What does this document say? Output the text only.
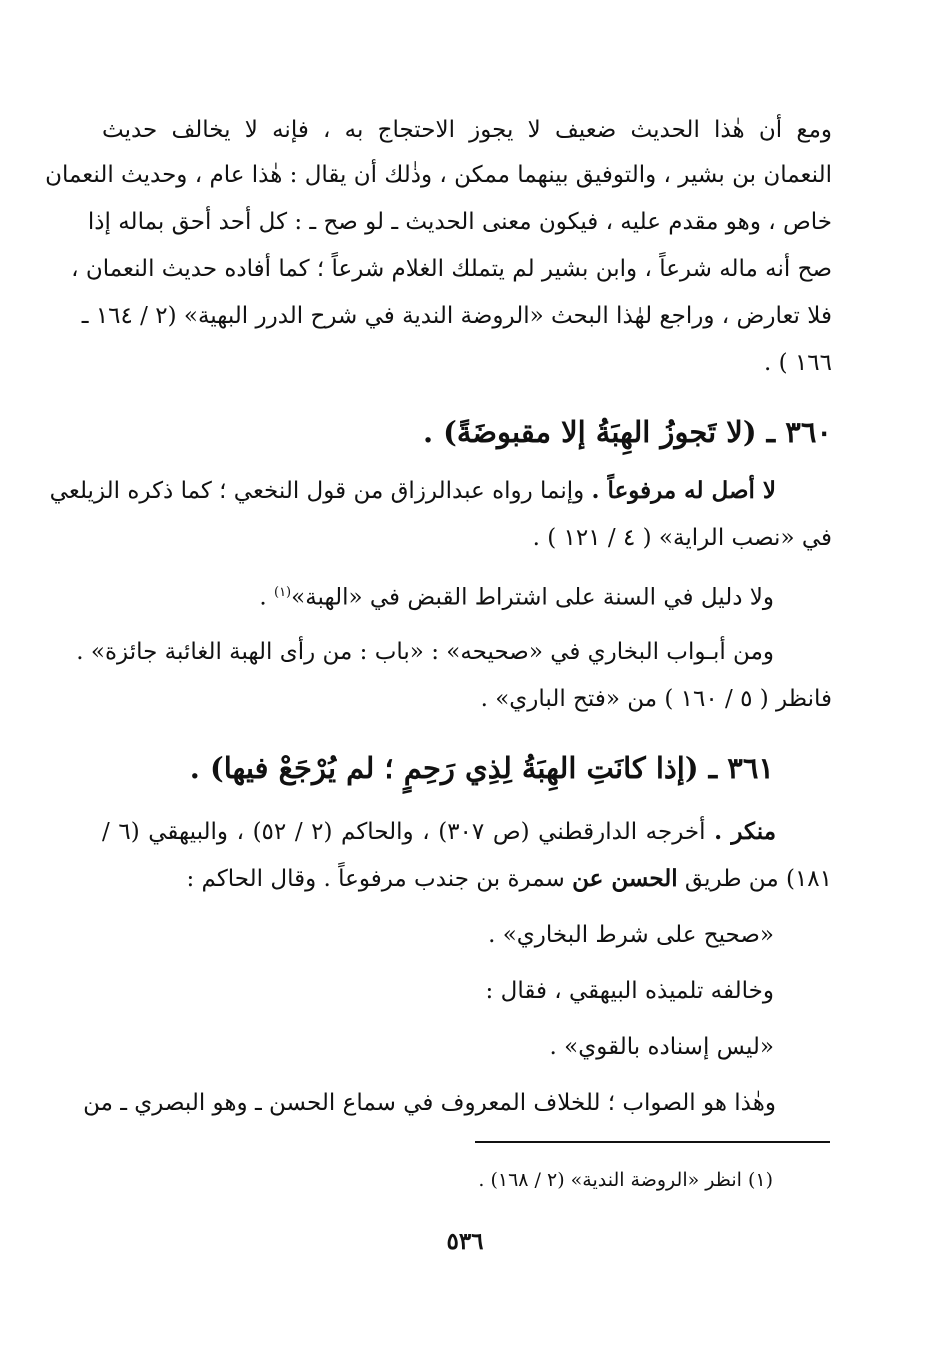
ومع أن هٰذا الحديث ضعيف لا يجوز الاحتجاج به ، فإنه لا يخالف حديث
النعمان بن بشير ، والتوفيق بينهما ممكن ، وذٰلك أن يقال : هٰذا عام ، وحديث النعمان
خاص ، وهو مقدم عليه ، فيكون معنى الحديث ـ لو صح ـ : كل أحد أحق بماله إذا
صح أنه ماله شرعاً ، وابن بشير لم يتملك الغلام شرعاً ؛ كما أفاده حديث النعمان ،
فلا تعارض ، وراجع لهٰذا البحث «الروضة الندية في شرح الدرر البهية» (٢ / ١٦٤ ـ
١٦٦ ) .
٣٦٠ ـ (لا تَجوزُ الهِبَةُ إلا مقبوضَةً) .
لا أصل له مرفوعاً . وإنما رواه عبدالرزاق من قول النخعي ؛ كما ذكره الزيلعي
في «نصب الراية» ( ٤ / ١٢١ ) .
ولا دليل في السنة على اشتراط القبض في «الهبة»$^{(١)}$ .
ومن أبـواب البخاري في «صحيحه» : «باب : من رأى الهبة الغائبة جائزة» .
فانظر ( ٥ / ١٦٠ ) من «فتح الباري» .
٣٦١ ـ (إذا كانَتِ الهِبَةُ لِذِي رَحِمٍ ؛ لم يُرْجَعْ فيها) .
منكر . أخرجه الدارقطني (ص ٣٠٧) ، والحاكم (٢ / ٥٢) ، والبيهقي (٦ /
١٨١) من طريق الحسن عن سمرة بن جندب مرفوعاً . وقال الحاكم :
«صحيح على شرط البخاري» .
وخالفه تلميذه البيهقي ، فقال :
«ليس إسناده بالقوي» .
وهٰذا هو الصواب ؛ للخلاف المعروف في سماع الحسن ـ وهو البصري ـ من
(١) انظر «الروضة الندية» (٢ / ١٦٨) .
٥٣٦
